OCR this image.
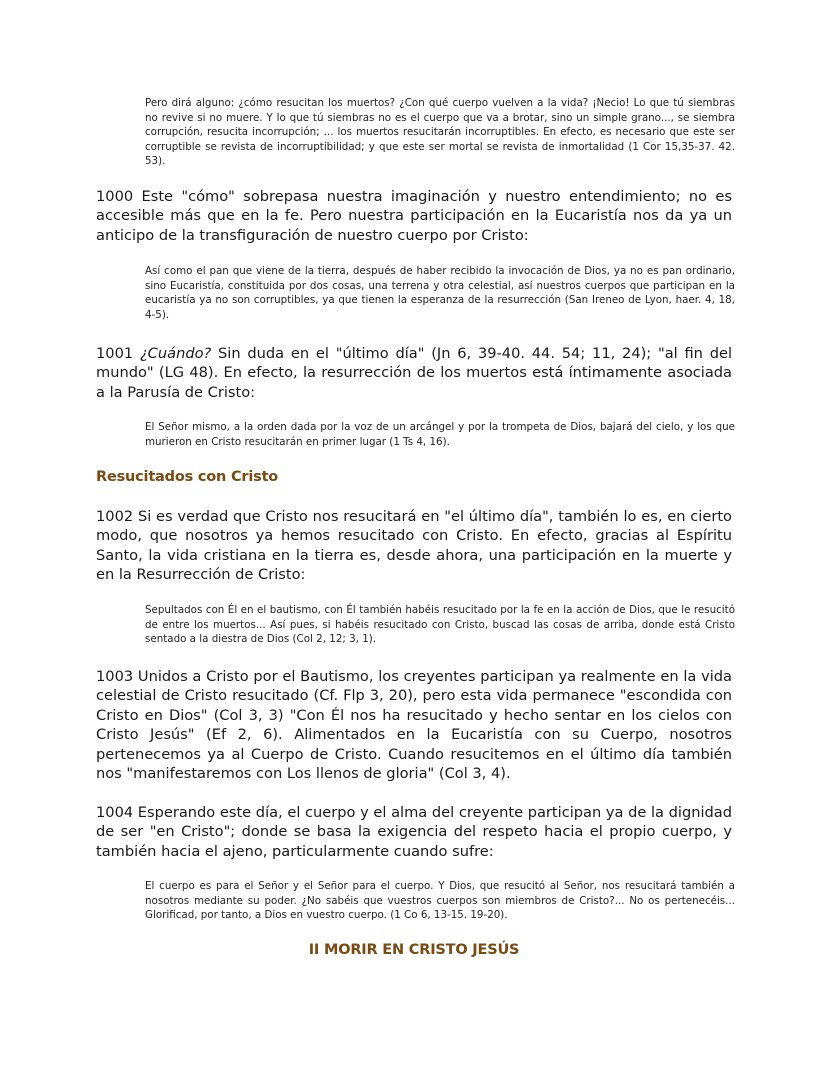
Pero dirá alguno: ¿cómo resucitan los muertos? ¿Con qué cuerpo vuelven a la vida? ¡Necio! Lo que tú siembras no revive si no muere. Y lo que tú siembras no es el cuerpo que va a brotar, sino un simple grano..., se siembra corrupción, resucita incorrupción; ... los muertos resucitarán incorruptibles. En efecto, es necesario que este ser corruptible se revista de incorruptibilidad; y que este ser mortal se revista de inmortalidad (1 Cor 15,35-37. 42. 53).
1000 Este "cómo" sobrepasa nuestra imaginación y nuestro entendimiento; no es accesible más que en la fe. Pero nuestra participación en la Eucaristía nos da ya un anticipo de la transfiguración de nuestro cuerpo por Cristo:
Así como el pan que viene de la tierra, después de haber recibido la invocación de Dios, ya no es pan ordinario, sino Eucaristía, constituida por dos cosas, una terrena y otra celestial, así nuestros cuerpos que participan en la eucaristía ya no son corruptibles, ya que tienen la esperanza de la resurrección (San Ireneo de Lyon, haer. 4, 18, 4-5).
1001 ¿Cuándo? Sin duda en el "último día" (Jn 6, 39-40. 44. 54; 11, 24); "al fin del mundo" (LG 48). En efecto, la resurrección de los muertos está íntimamente asociada a la Parusía de Cristo:
El Señor mismo, a la orden dada por la voz de un arcángel y por la trompeta de Dios, bajará del cielo, y los que murieron en Cristo resucitarán en primer lugar (1 Ts 4, 16).
Resucitados con Cristo
1002 Si es verdad que Cristo nos resucitará en "el último día", también lo es, en cierto modo, que nosotros ya hemos resucitado con Cristo. En efecto, gracias al Espíritu Santo, la vida cristiana en la tierra es, desde ahora, una participación en la muerte y en la Resurrección de Cristo:
Sepultados con Él en el bautismo, con Él también habéis resucitado por la fe en la acción de Dios, que le resucitó de entre los muertos... Así pues, si habéis resucitado con Cristo, buscad las cosas de arriba, donde está Cristo sentado a la diestra de Dios (Col 2, 12; 3, 1).
1003 Unidos a Cristo por el Bautismo, los creyentes participan ya realmente en la vida celestial de Cristo resucitado (Cf. Flp 3, 20), pero esta vida permanece "escondida con Cristo en Dios" (Col 3, 3) "Con Él nos ha resucitado y hecho sentar en los cielos con Cristo Jesús" (Ef 2, 6). Alimentados en la Eucaristía con su Cuerpo, nosotros pertenecemos ya al Cuerpo de Cristo. Cuando resucitemos en el último día también nos "manifestaremos con Los llenos de gloria" (Col 3, 4).
1004 Esperando este día, el cuerpo y el alma del creyente participan ya de la dignidad de ser "en Cristo"; donde se basa la exigencia del respeto hacia el propio cuerpo, y también hacia el ajeno, particularmente cuando sufre:
El cuerpo es para el Señor y el Señor para el cuerpo. Y Dios, que resucitó al Señor, nos resucitará también a nosotros mediante su poder. ¿No sabéis que vuestros cuerpos son miembros de Cristo?... No os pertenecéis... Glorificad, por tanto, a Dios en vuestro cuerpo. (1 Co 6, 13-15. 19-20).
II MORIR EN CRISTO JESÚS
